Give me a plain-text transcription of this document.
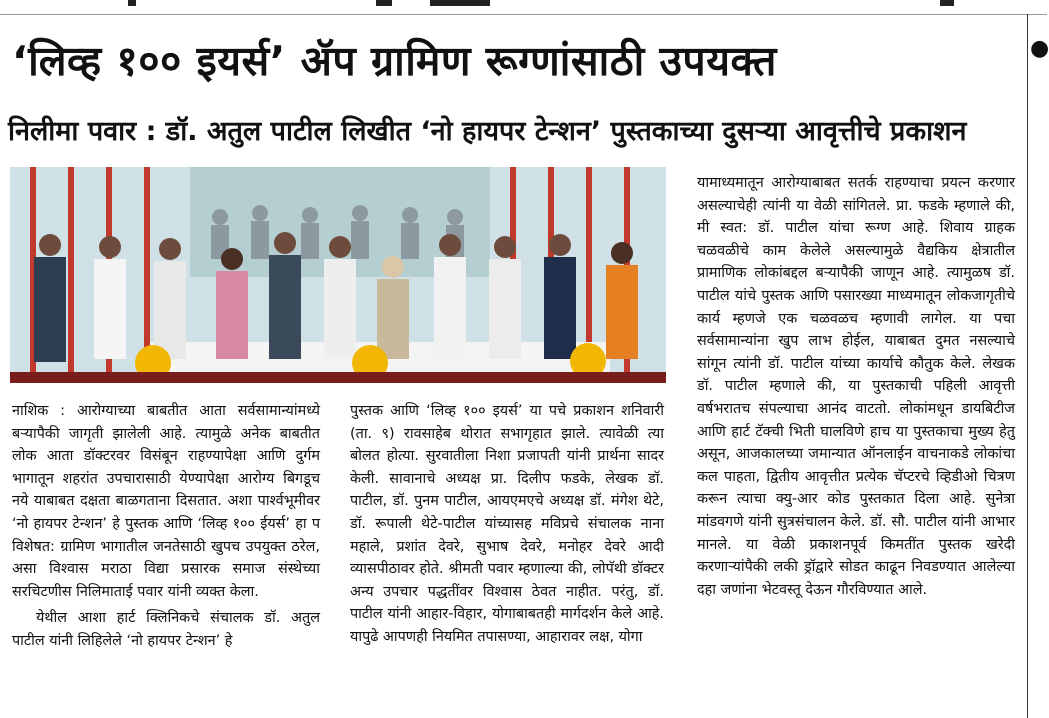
●
‘लिव्ह १०० इयर्स’ ॲप ग्रामिण रूग्णांसाठी उपयक्त
निलीमा पवार : डॉ. अतुल पाटील लिखीत ‘नो हायपर टेन्शन’ पुस्तकाच्या दुसऱ्या आवृत्तीचे प्रकाशन

नाशिक : आरोग्याच्या बाबतीत आता सर्वसामान्यांमध्ये बऱ्यापैकी जागृती झालेली आहे. त्यामुळे अनेक बाबतीत लोक आता डॉक्टरवर विसंबून राहण्यापेक्षा आणि दुर्गम भागातून शहरांत उपचारासाठी येण्यापेक्षा आरोग्य बिगडूच नये याबाबत दक्षता बाळगताना दिसतात. अशा पार्श्वभूमीवर ‘नो हायपर टेन्शन’ हे पुस्तक आणि ‘लिव्ह १०० ईयर्स’ हा प विशेषत: ग्रामिण भागातील जनतेसाठी खुपच उपयुक्त ठरेल, असा विश्वास मराठा विद्या प्रसारक समाज संस्थेच्या सरचिटणीस निलिमाताई पवार यांनी व्यक्त केला.

येथील आशा हार्ट क्लिनिकचे संचालक डॉ. अतुल पाटील यांनी लिहिलेले ‘नो हायपर टेन्शन’ हे

पुस्तक आणि ‘लिव्ह १०० इयर्स’ या पचे प्रकाशन शनिवारी (ता. ९) रावसाहेब थोरात सभागृहात झाले. त्यावेळी त्या बोलत होत्या. सुरवातीला निशा प्रजापती यांनी प्रार्थना सादर केली. सावानाचे अध्यक्ष प्रा. दिलीप फडके, लेखक डॉ. पाटील, डॉ. पुनम पाटील, आयएमएचे अध्यक्ष डॉ. मंगेश थेटे, डॉ. रूपाली थेटे-पाटील यांच्यासह मविप्रचे संचालक नाना महाले, प्रशांत देवरे, सुभाष देवरे, मनोहर देवरे आदी व्यासपीठावर होते. श्रीमती पवार म्हणाल्या की, लोपॅथी डॉक्टर अन्य उपचार पद्धतींवर विश्वास ठेवत नाहीत. परंतु, डॉ. पाटील यांनी आहार-विहार, योगाबाबतही मार्गदर्शन केले आहे. यापुढे आपणही नियमित तपासण्या, आहारावर लक्ष, योगा

यामाध्यमातून आरोग्याबाबत सतर्क राहण्याचा प्रयत्न करणार असल्याचेही त्यांनी या वेळी सांगितले. प्रा. फडके म्हणाले की, मी स्वत: डॉ. पाटील यांचा रूग्ण आहे. शिवाय ग्राहक चळवळीचे काम केलेले असल्यामुळे वैद्यकिय क्षेत्रातील प्रामाणिक लोकांबद्दल बऱ्यापैकी जाणून आहे. त्यामुळष डॉ. पाटील यांचे पुस्तक आणि पसारख्या माध्यमातून लोकजागृतीचे कार्य म्हणजे एक चळवळच म्हणावी लागेल. या पचा सर्वसामान्यांना खुप लाभ होईल, याबाबत दुमत नसल्याचे सांगून त्यांनी डॉ. पाटील यांच्या कार्याचे कौतुक केले. लेखक डॉ. पाटील म्हणाले की, या पुस्तकाची पहिली आवृत्ती वर्षभरातच संपल्याचा आनंद वाटतो. लोकांमधून डायबिटीज आणि हार्ट टॅक्ची भिती घालविणे हाच या पुस्तकाचा मुख्य हेतु असून, आजकालच्या जमान्यात ऑनलाईन वाचनाकडे लोकांचा कल पाहता, द्वितीय आवृत्तीत प्रत्येक चॅप्टरचे व्हिडीओ चित्रण करून त्याचा क्यु-आर कोड पुस्तकात दिला आहे. सुनेत्रा मांडवगणे यांनी सुत्रसंचालन केले. डॉ. सौ. पाटील यांनी आभार मानले. या वेळी प्रकाशनपूर्व किमतींत पुस्तक खरेदी करणाऱ्यांपैकी लकी ड्रॉद्वारे सोडत काढून निवडण्यात आलेल्या दहा जणांना भेटवस्तू देऊन गौरविण्यात आले.
